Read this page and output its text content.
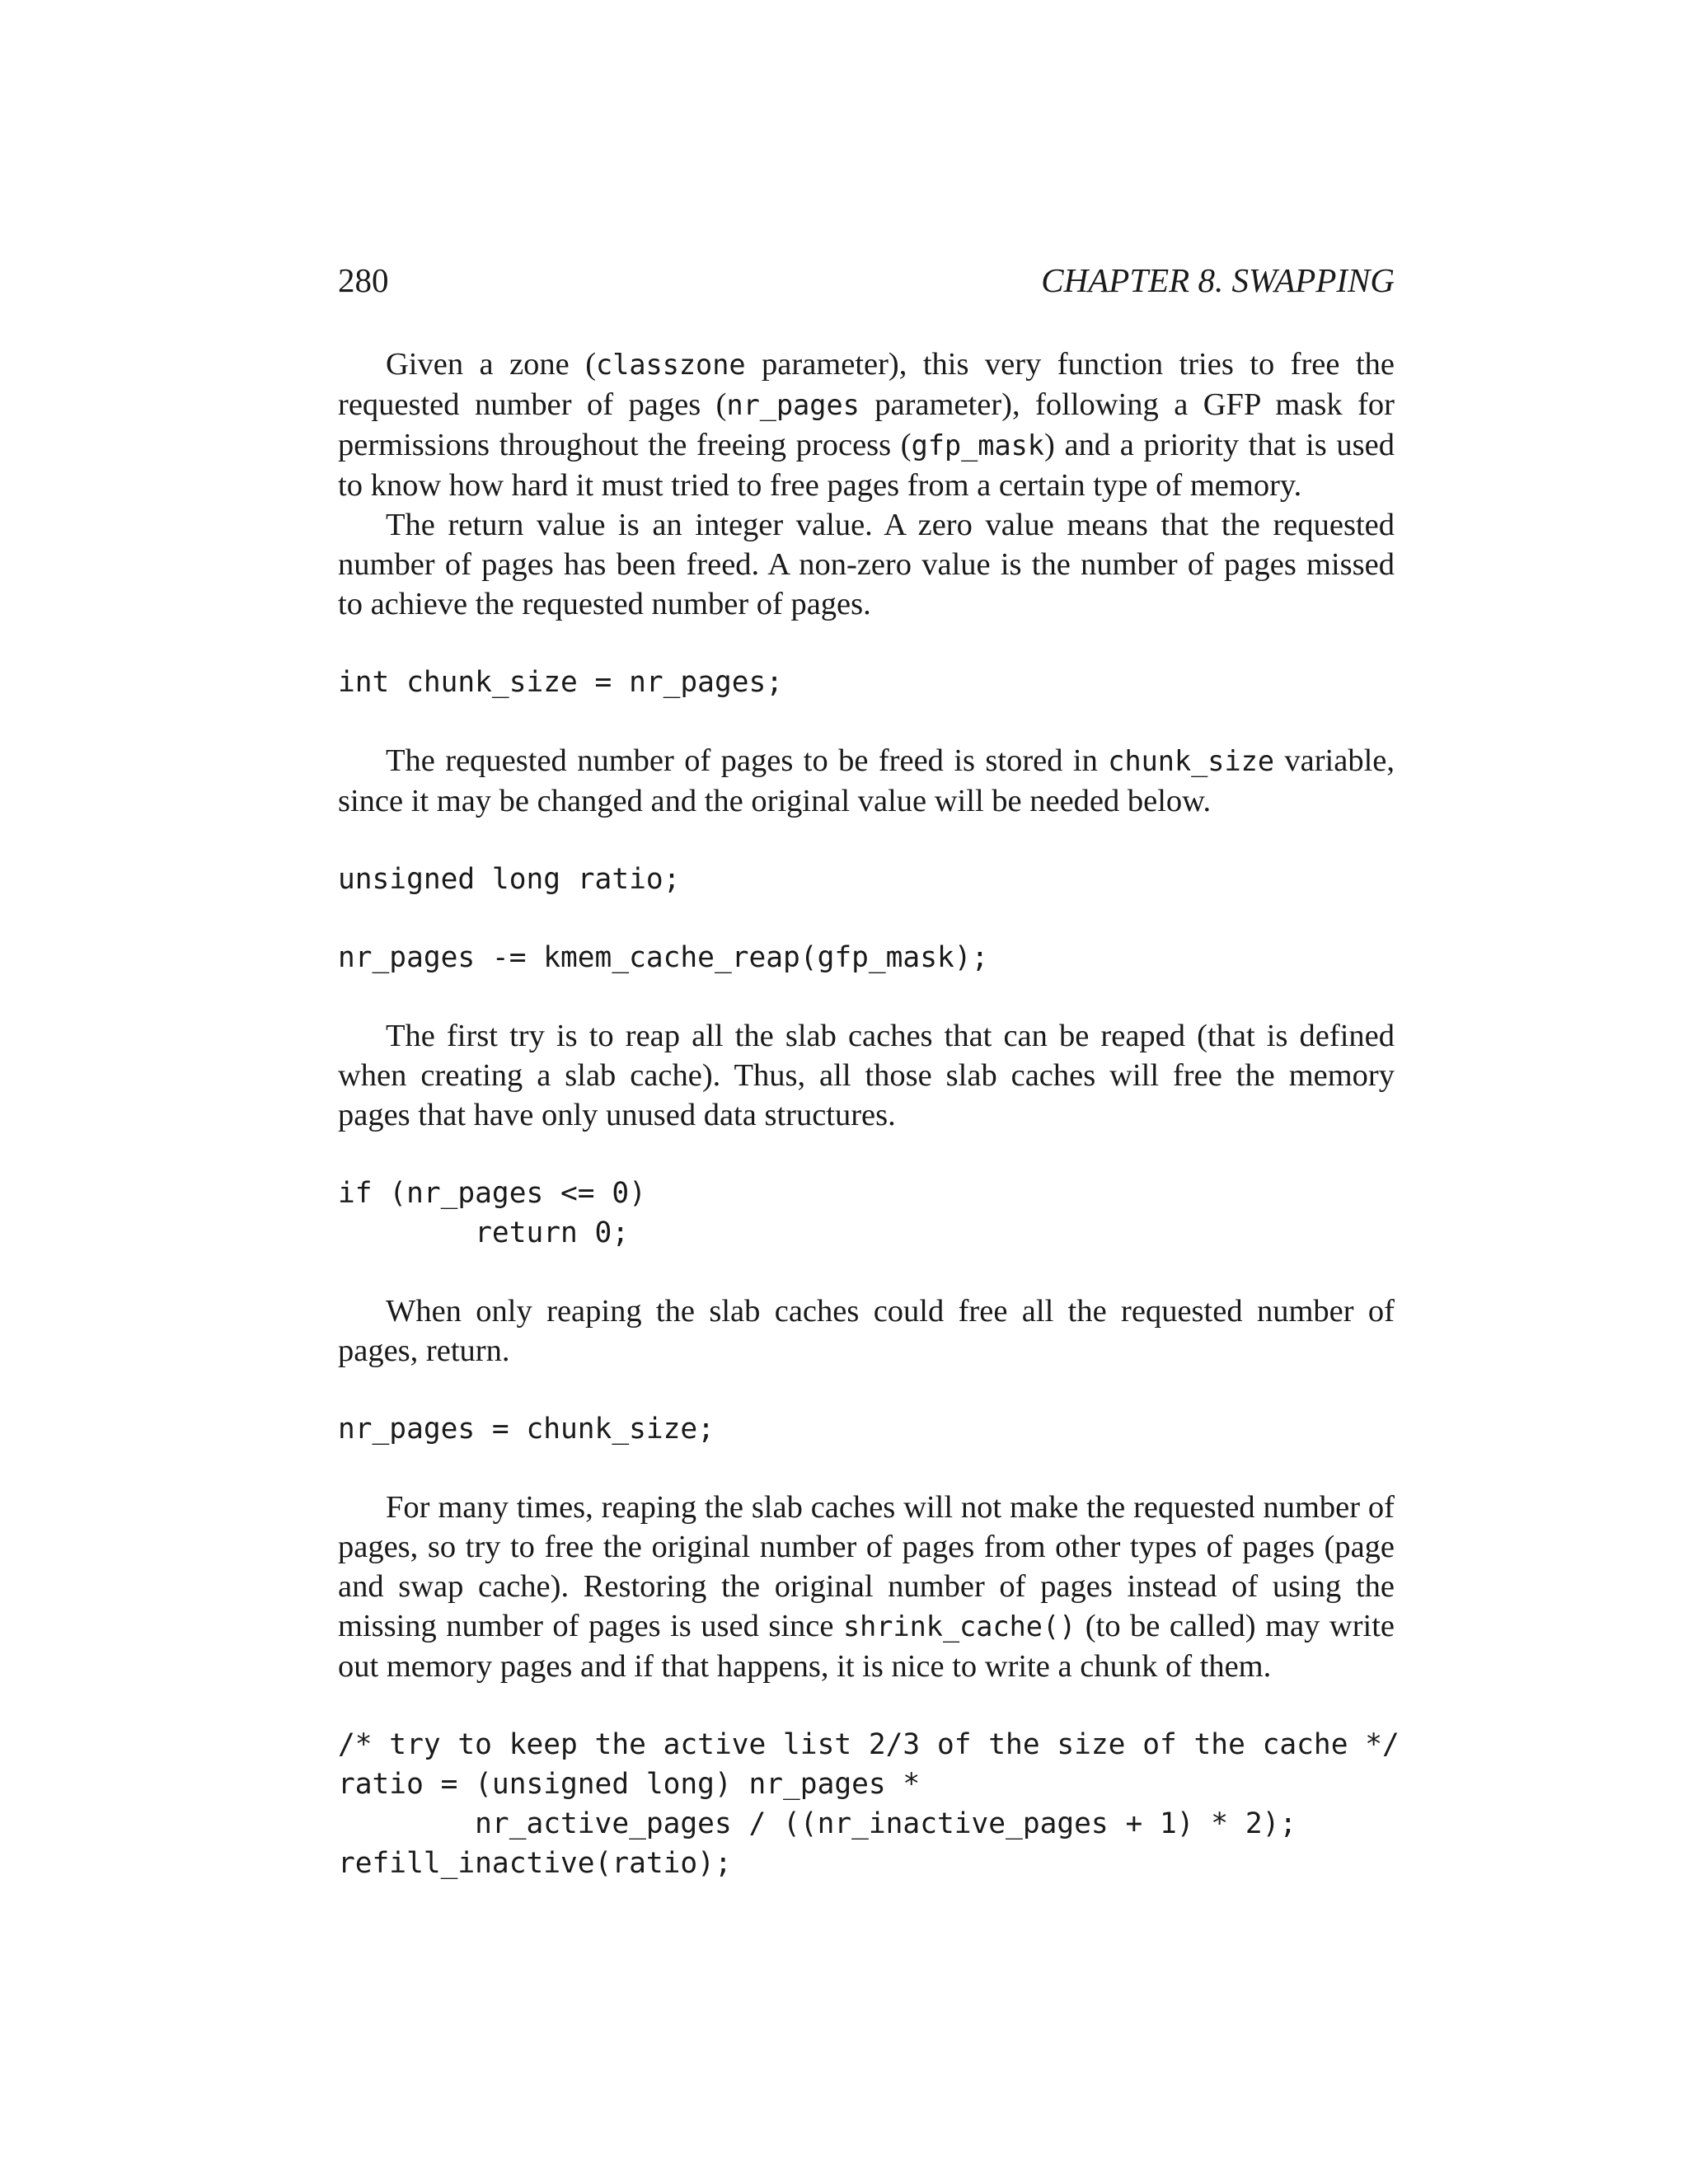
280	CHAPTER 8. SWAPPING

Given a zone (classzone parameter), this very function tries to free the requested number of pages (nr_pages parameter), following a GFP mask for permissions throughout the freeing process (gfp_mask) and a priority that is used to know how hard it must tried to free pages from a certain type of memory.

The return value is an integer value. A zero value means that the requested number of pages has been freed. A non-zero value is the number of pages missed to achieve the requested number of pages.

int chunk_size = nr_pages;

The requested number of pages to be freed is stored in chunk_size variable, since it may be changed and the original value will be needed below.

unsigned long ratio;
nr_pages -= kmem_cache_reap(gfp_mask);

The first try is to reap all the slab caches that can be reaped (that is defined when creating a slab cache). Thus, all those slab caches will free the memory pages that have only unused data structures.

if (nr_pages <= 0)
return 0;

When only reaping the slab caches could free all the requested number of pages, return.

nr_pages = chunk_size;

For many times, reaping the slab caches will not make the requested number of pages, so try to free the original number of pages from other types of pages (page and swap cache). Restoring the original number of pages instead of using the missing number of pages is used since shrink_cache() (to be called) may write out memory pages and if that happens, it is nice to write a chunk of them.

/* try to keep the active list 2/3 of the size of the cache */
ratio = (unsigned long) nr_pages *
nr_active_pages / ((nr_inactive_pages + 1) * 2);
refill_inactive(ratio);
